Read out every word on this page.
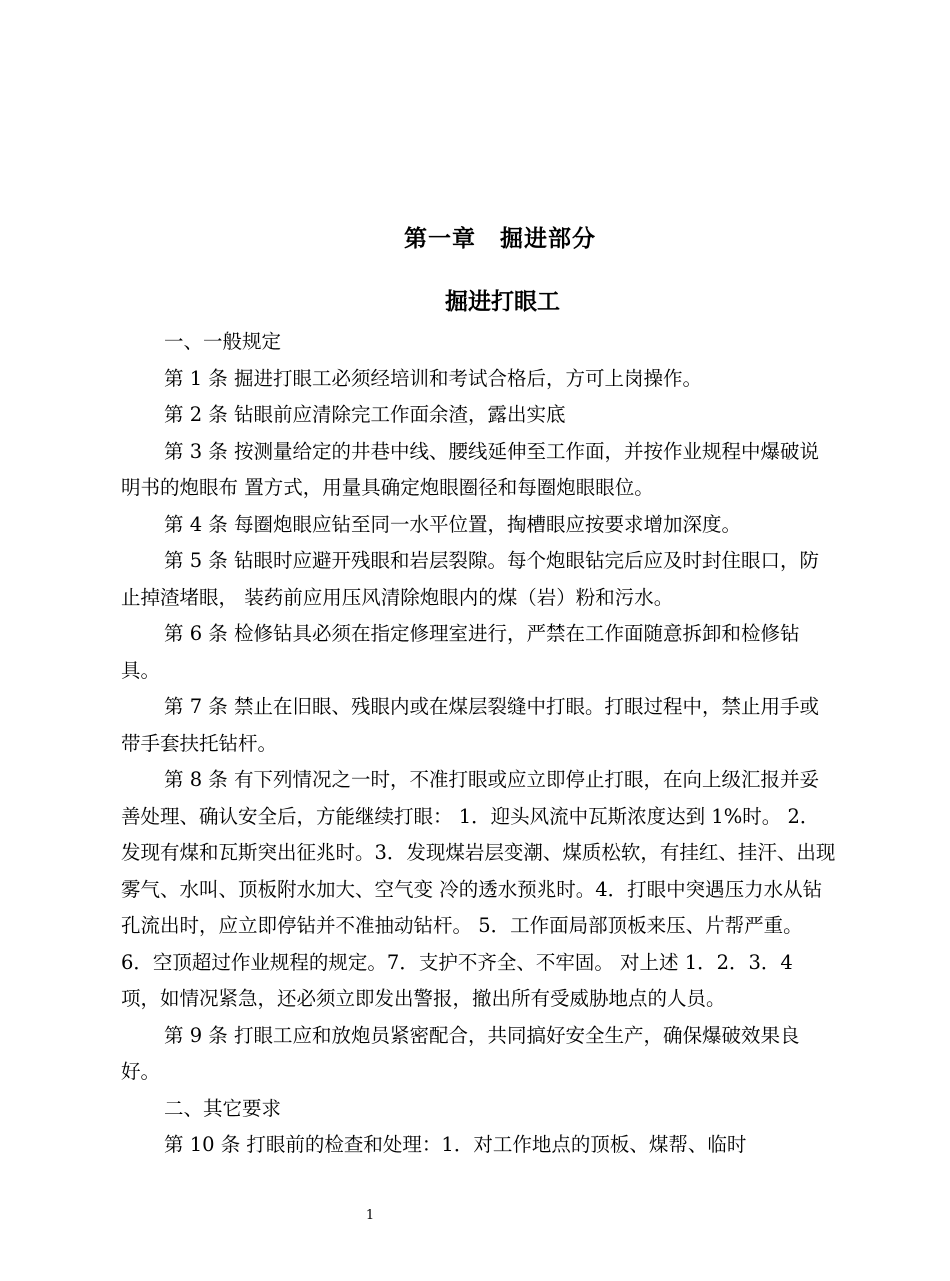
第一章　掘进部分
掘进打眼工

一、一般规定

第 1 条 掘进打眼工必须经培训和考试合格后，方可上岗操作。

第 2 条 钻眼前应清除完工作面余渣，露出实底

第 3 条 按测量给定的井巷中线、腰线延伸至工作面，并按作业规程中爆破说明书的炮眼布 置方式，用量具确定炮眼圈径和每圈炮眼眼位。

第 4 条 每圈炮眼应钻至同一水平位置，掏槽眼应按要求增加深度。

第 5 条 钻眼时应避开残眼和岩层裂隙。每个炮眼钻完后应及时封住眼口，防止掉渣堵眼， 装药前应用压风清除炮眼内的煤（岩）粉和污水。

第 6 条 检修钻具必须在指定修理室进行，严禁在工作面随意拆卸和检修钻具。

第 7 条 禁止在旧眼、残眼内或在煤层裂缝中打眼。打眼过程中，禁止用手或带手套扶托钻杆。

第 8 条 有下列情况之一时，不准打眼或应立即停止打眼，在向上级汇报并妥善处理、确认安全后，方能继续打眼： 1．迎头风流中瓦斯浓度达到 1%时。 2．发现有煤和瓦斯突出征兆时。3．发现煤岩层变潮、煤质松软，有挂红、挂汗、出现雾气、水叫、顶板附水加大、空气变 冷的透水预兆时。4．打眼中突遇压力水从钻孔流出时，应立即停钻并不准抽动钻杆。 5．工作面局部顶板来压、片帮严重。 6．空顶超过作业规程的规定。7．支护不齐全、不牢固。 对上述 1．2．3．4 项，如情况紧急，还必须立即发出警报，撤出所有受威胁地点的人员。

第 9 条 打眼工应和放炮员紧密配合，共同搞好安全生产，确保爆破效果良好。

二、其它要求

第 10 条 打眼前的检查和处理：1．对工作地点的顶板、煤帮、临时

1
